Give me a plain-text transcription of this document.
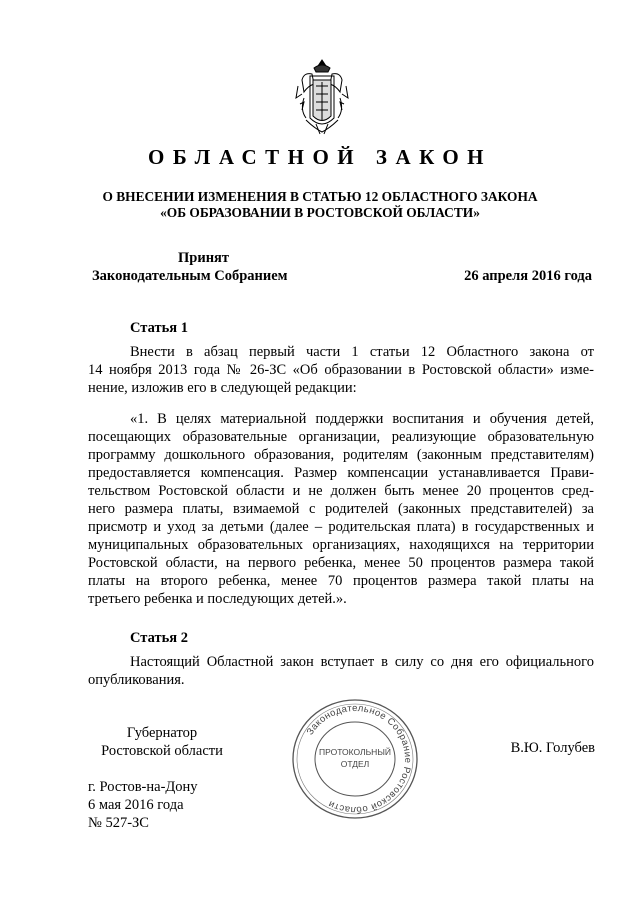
ОБЛАСТНОЙ ЗАКОН
О ВНЕСЕНИИ ИЗМЕНЕНИЯ В СТАТЬЮ 12 ОБЛАСТНОГО ЗАКОНА
«ОБ ОБРАЗОВАНИИ В РОСТОВСКОЙ ОБЛАСТИ»
Принят
Законодательным Собранием	26 апреля 2016 года
Статья 1
Внести в абзац первый части 1 статьи 12 Областного закона от
14 ноября 2013 года № 26-ЗС «Об образовании в Ростовской области» изме-
нение, изложив его в следующей редакции:
«1. В целях материальной поддержки воспитания и обучения детей,
посещающих образовательные организации, реализующие образовательную
программу дошкольного образования, родителям (законным представителям)
предоставляется компенсация. Размер компенсации устанавливается Прави-
тельством Ростовской области и не должен быть менее 20 процентов сред-
него размера платы, взимаемой с родителей (законных представителей) за
присмотр и уход за детьми (далее – родительская плата) в государственных и
муниципальных образовательных организациях, находящихся на территории
Ростовской области, на первого ребенка, менее 50 процентов размера такой
платы на второго ребенка, менее 70 процентов размера такой платы на
третьего ребенка и последующих детей.».
Статья 2
Настоящий Областной закон вступает в силу со дня его официального
опубликования.
Губернатор
Ростовской области
Законодательное Собрание Ростовской области
ПРОТОКОЛЬНЫЙ
ОТДЕЛ
В.Ю. Голубев
г. Ростов-на-Дону
6 мая 2016 года
№ 527-ЗС
